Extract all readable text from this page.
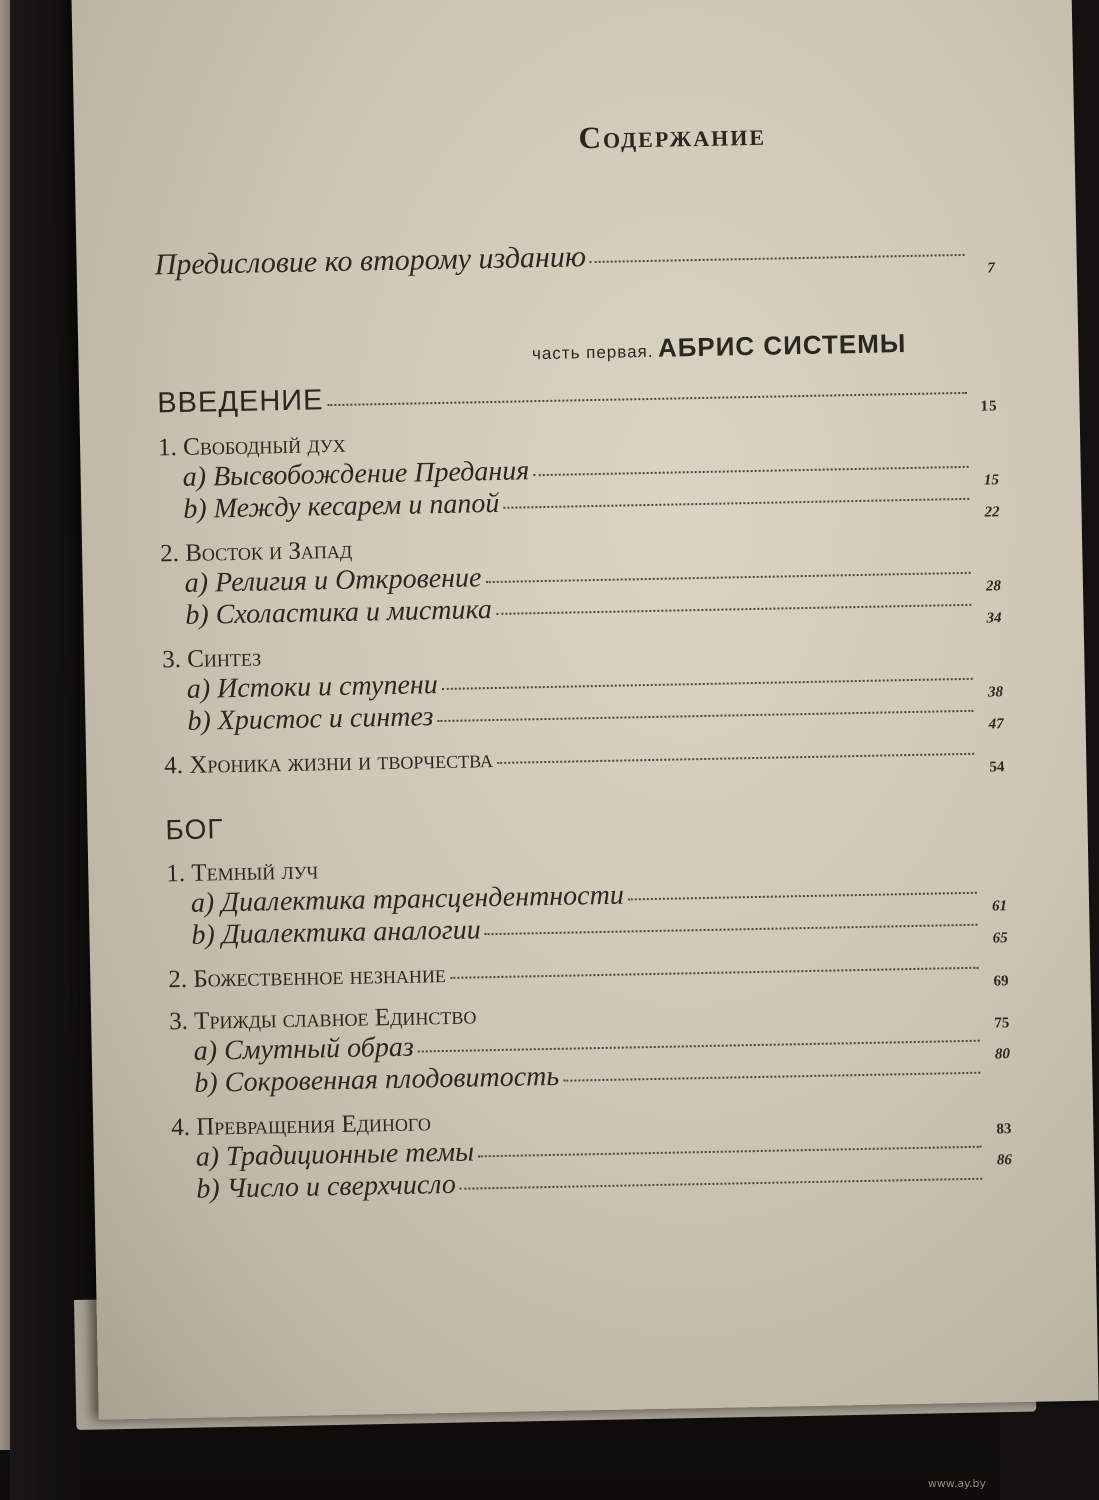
Содержание
Предисловие ко второму изданию	7
часть первая. АБРИС СИСТЕМЫ
ВВЕДЕНИЕ	15
1. Свободный дух
a) Высвобождение Предания	15
b) Между кесарем и папой	22
2. Восток и Запад
a) Религия и Откровение	28
b) Схоластика и мистика	34
3. Синтез
a) Истоки и ступени	38
b) Христос и синтез	47
4. Хроника жизни и творчества	54
БОГ
1. Темный луч
a) Диалектика трансцендентности	61
b) Диалектика аналогии	65
2. Божественное незнание	69
3. Трижды славное Единство	75
a) Смутный образ	80
b) Сокровенная плодовитость
4. Превращения Единого	83
a) Традиционные темы	86
b) Число и сверхчисло
www.ay.by
